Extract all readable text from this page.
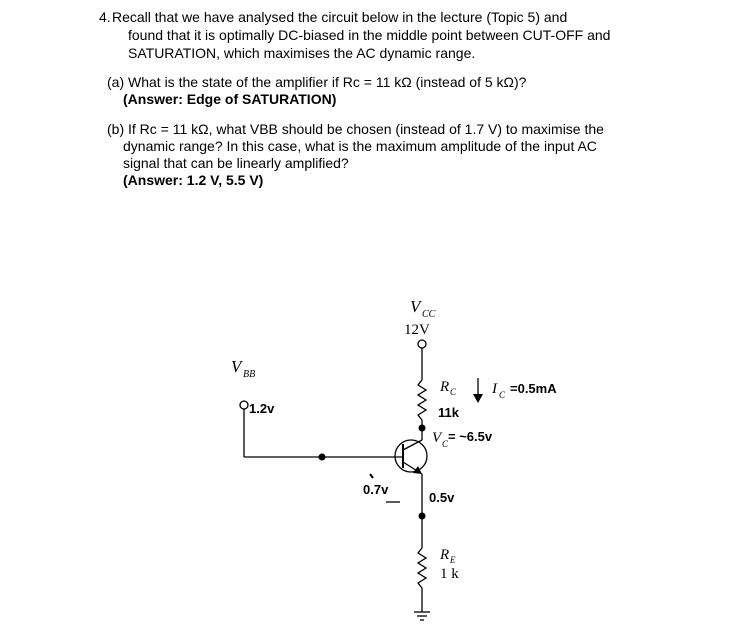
4. Recall that we have analysed the circuit below in the lecture (Topic 5) and
found that it is optimally DC-biased in the middle point between CUT-OFF and
SATURATION, which maximises the AC dynamic range.
(a) What is the state of the amplifier if Rc = 11 kΩ (instead of 5 kΩ)?
(Answer: Edge of SATURATION)
(b) If Rc = 11 kΩ, what VBB should be chosen (instead of 1.7 V) to maximise the
dynamic range? In this case, what is the maximum amplitude of the input AC
signal that can be linearly amplified?
(Answer: 1.2 V, 5.5 V)
V CC
12V
V BB
1.2v
R C
11k
I C =0.5mA
V C = ~6.5v
0.7v
0.5v
R E
1 k
